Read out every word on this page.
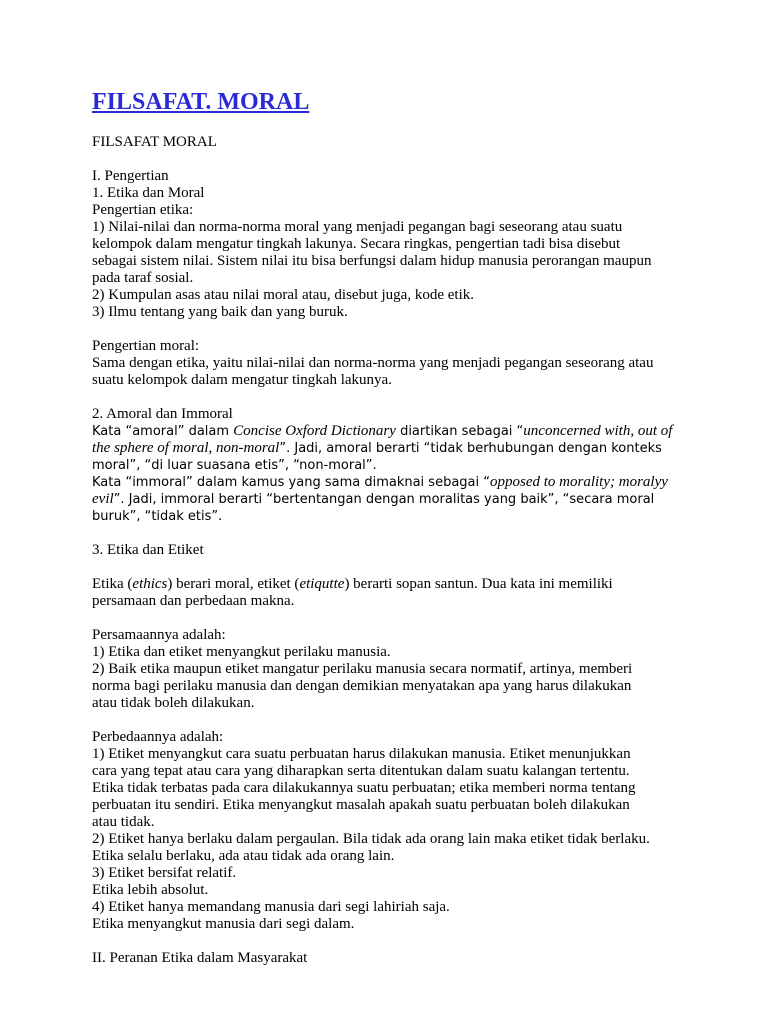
FILSAFAT. MORAL
FILSAFAT MORAL
I. Pengertian
1. Etika dan Moral
Pengertian etika:
1) Nilai-nilai dan norma-norma moral yang menjadi pegangan bagi seseorang atau suatu
kelompok dalam mengatur tingkah lakunya. Secara ringkas, pengertian tadi bisa disebut
sebagai sistem nilai. Sistem nilai itu bisa berfungsi dalam hidup manusia perorangan maupun
pada taraf sosial.
2) Kumpulan asas atau nilai moral atau, disebut juga, kode etik.
3) Ilmu tentang yang baik dan yang buruk.
Pengertian moral:
Sama dengan etika, yaitu nilai-nilai dan norma-norma yang menjadi pegangan seseorang atau
suatu kelompok dalam mengatur tingkah lakunya.
2. Amoral dan Immoral
Kata “amoral” dalam Concise Oxford Dictionary diartikan sebagai “unconcerned with, out of
the sphere of moral, non-moral”. Jadi, amoral berarti “tidak berhubungan dengan konteks
moral”, “di luar suasana etis”, “non-moral”.
Kata “immoral” dalam kamus yang sama dimaknai sebagai “opposed to morality; moralyy
evil”. Jadi, immoral berarti “bertentangan dengan moralitas yang baik”, “secara moral
buruk”, “tidak etis”.
3. Etika dan Etiket
Etika (ethics) berari moral, etiket (etiqutte) berarti sopan santun. Dua kata ini memiliki
persamaan dan perbedaan makna.
Persamaannya adalah:
1) Etika dan etiket menyangkut perilaku manusia.
2) Baik etika maupun etiket mangatur perilaku manusia secara normatif, artinya, memberi
norma bagi perilaku manusia dan dengan demikian menyatakan apa yang harus dilakukan
atau tidak boleh dilakukan.
Perbedaannya adalah:
1) Etiket menyangkut cara suatu perbuatan harus dilakukan manusia. Etiket menunjukkan
cara yang tepat atau cara yang diharapkan serta ditentukan dalam suatu kalangan tertentu.
Etika tidak terbatas pada cara dilakukannya suatu perbuatan; etika memberi norma tentang
perbuatan itu sendiri. Etika menyangkut masalah apakah suatu perbuatan boleh dilakukan
atau tidak.
2) Etiket hanya berlaku dalam pergaulan. Bila tidak ada orang lain maka etiket tidak berlaku.
Etika selalu berlaku, ada atau tidak ada orang lain.
3) Etiket bersifat relatif.
Etika lebih absolut.
4) Etiket hanya memandang manusia dari segi lahiriah saja.
Etika menyangkut manusia dari segi dalam.
II. Peranan Etika dalam Masyarakat
